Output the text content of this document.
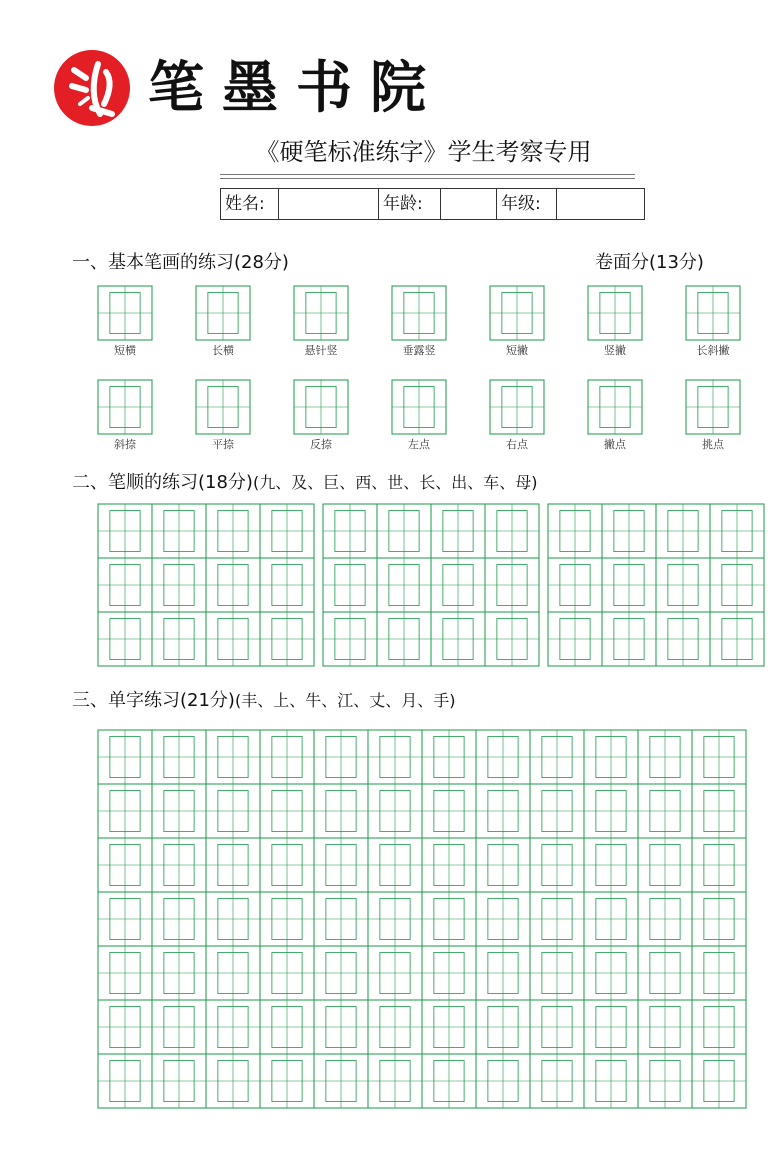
笔墨书院
《硬笔标准练字》学生考察专用
姓名:	年龄:	年级:
一、基本笔画的练习(28分)	卷面分(13分)
短横	长横	悬针竖	垂露竖	短撇	竖撇	长斜撇
斜捺	平捺	反捺	左点	右点	撇点	挑点
二、笔顺的练习(18分)(九、及、巨、西、世、长、出、车、母)
三、单字练习(21分)(丰、上、牛、江、丈、月、手)
